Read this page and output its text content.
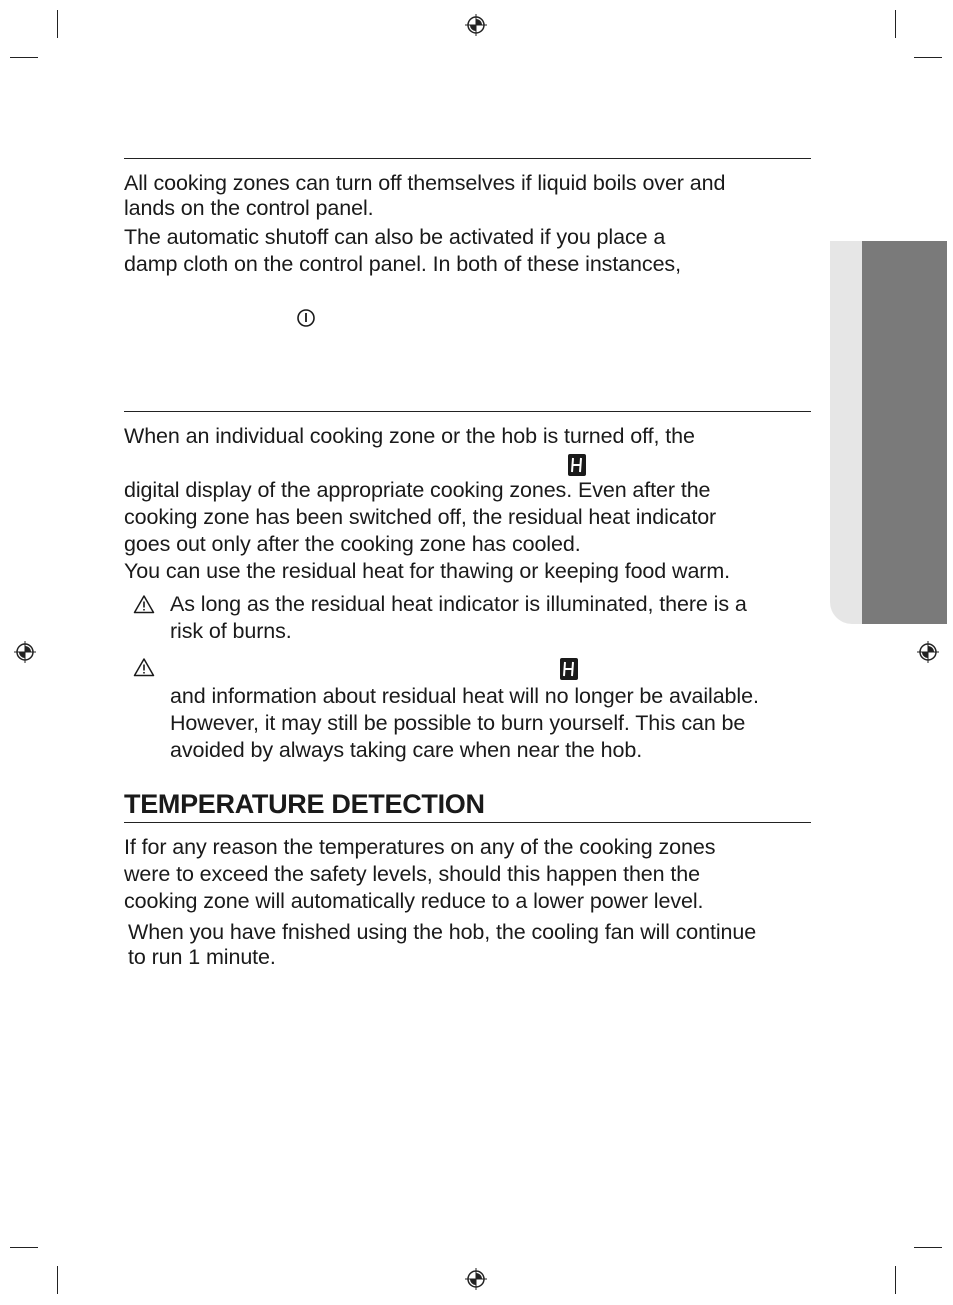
All cooking zones can turn off themselves if liquid boils over and
lands on the control panel.
The automatic shutoff can also be activated if you place a
damp cloth on the control panel. In both of these instances,
When an individual cooking zone or the hob is turned off, the
digital display of the appropriate cooking zones. Even after the
cooking zone has been switched off, the residual heat indicator
goes out only after the cooking zone has cooled.
You can use the residual heat for thawing or keeping food warm.
As long as the residual heat indicator is illuminated, there is a
risk of burns.
and information about residual heat will no longer be available.
However, it may still be possible to burn yourself. This can be
avoided by always taking care when near the hob.
TEMPERATURE DETECTION
If for any reason the temperatures on any of the cooking zones
were to exceed the safety levels, should this happen then the
cooking zone will automatically reduce to a lower power level.
When you have fnished using the hob, the cooling fan will continue
to run 1 minute.
